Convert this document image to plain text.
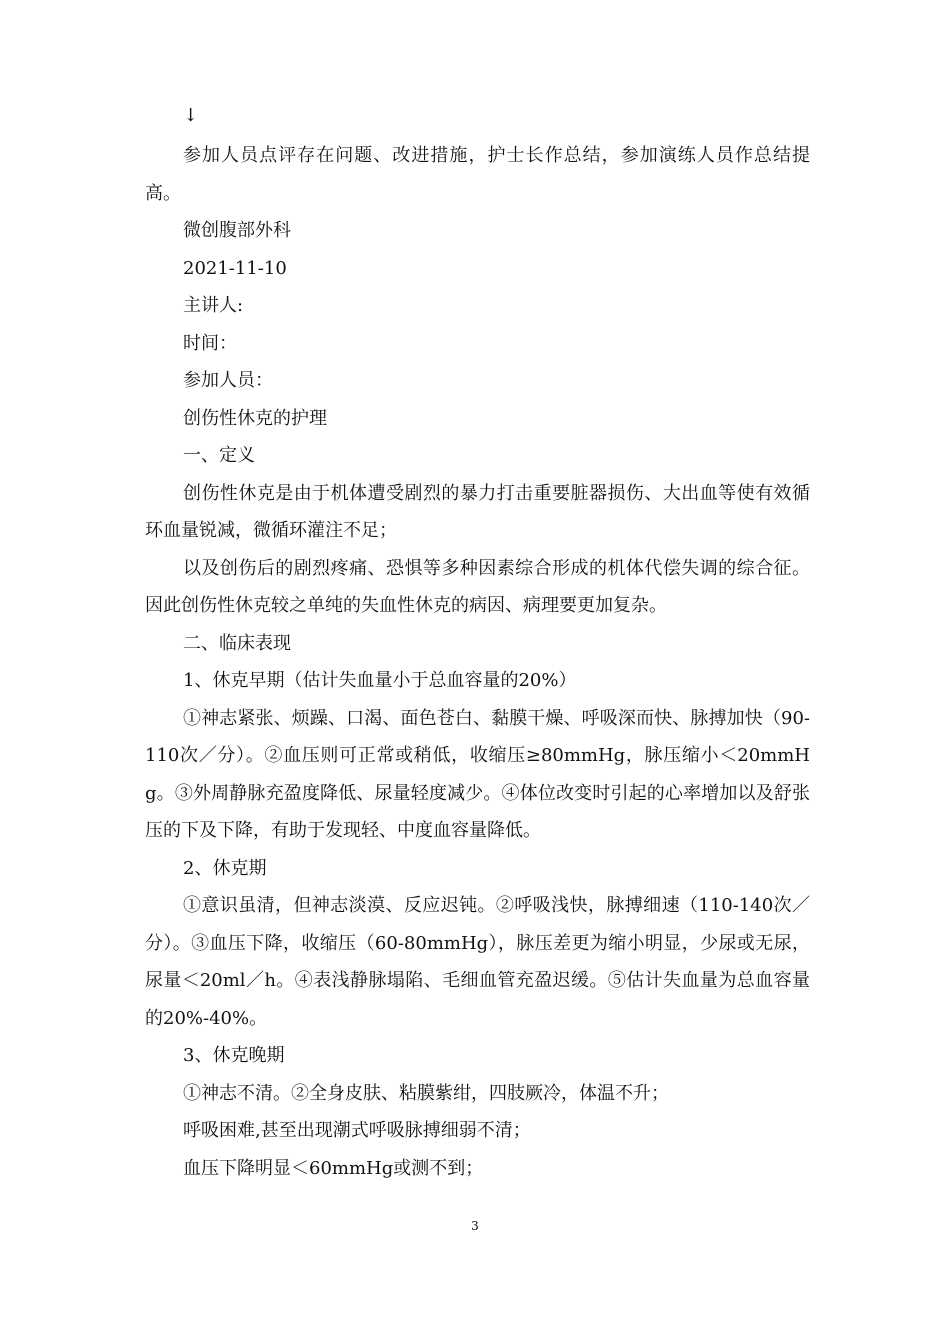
↓

参加人员点评存在问题、改进措施，护士长作总结，参加演练人员作总结提高。

微创腹部外科

2021-11-10

主讲人:

时间：

参加人员：

创伤性休克的护理

一、定义

创伤性休克是由于机体遭受剧烈的暴力打击重要脏器损伤、大出血等使有效循环血量锐减，微循环灌注不足；

以及创伤后的剧烈疼痛、恐惧等多种因素综合形成的机体代偿失调的综合征。因此创伤性休克较之单纯的失血性休克的病因、病理要更加复杂。

二、临床表现

1、休克早期（估计失血量小于总血容量的20%）

①神志紧张、烦躁、口渴、面色苍白、黏膜干燥、呼吸深而快、脉搏加快（90-110次／分）。②血压则可正常或稍低，收缩压≥80mmHg，脉压缩小＜20mmHg。③外周静脉充盈度降低、尿量轻度减少。④体位改变时引起的心率增加以及舒张压的下及下降，有助于发现轻、中度血容量降低。

2、休克期

①意识虽清，但神志淡漠、反应迟钝。②呼吸浅快，脉搏细速（110-140次／分）。③血压下降，收缩压（60-80mmHg），脉压差更为缩小明显，少尿或无尿，尿量＜20ml／h。④表浅静脉塌陷、毛细血管充盈迟缓。⑤估计失血量为总血容量的20%-40%。

3、休克晚期

①神志不清。②全身皮肤、粘膜紫绀，四肢厥冷，体温不升；

呼吸困难,甚至出现潮式呼吸脉搏细弱不清；

血压下降明显＜60mmHg或测不到；

3
